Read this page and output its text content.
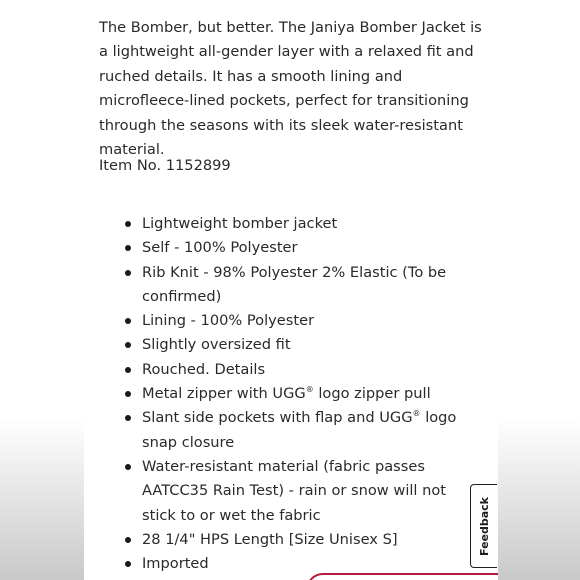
The Bomber, but better. The Janiya Bomber Jacket is a lightweight all-gender layer with a relaxed fit and ruched details. It has a smooth lining and microfleece-lined pockets, perfect for transitioning through the seasons with its sleek water-resistant material.

Item No. 1152899

Lightweight bomber jacket
Self - 100% Polyester
Rib Knit - 98% Polyester 2% Elastic (To be confirmed)
Lining - 100% Polyester
Slightly oversized fit
Rouched. Details
Metal zipper with UGG® logo zipper pull
Slant side pockets with flap and UGG® logo snap closure
Water-resistant material (fabric passes AATCC35 Rain Test) - rain or snow will not stick to or wet the fabric
28 1/4" HPS Length [Size Unisex S]
Imported
Feedback
